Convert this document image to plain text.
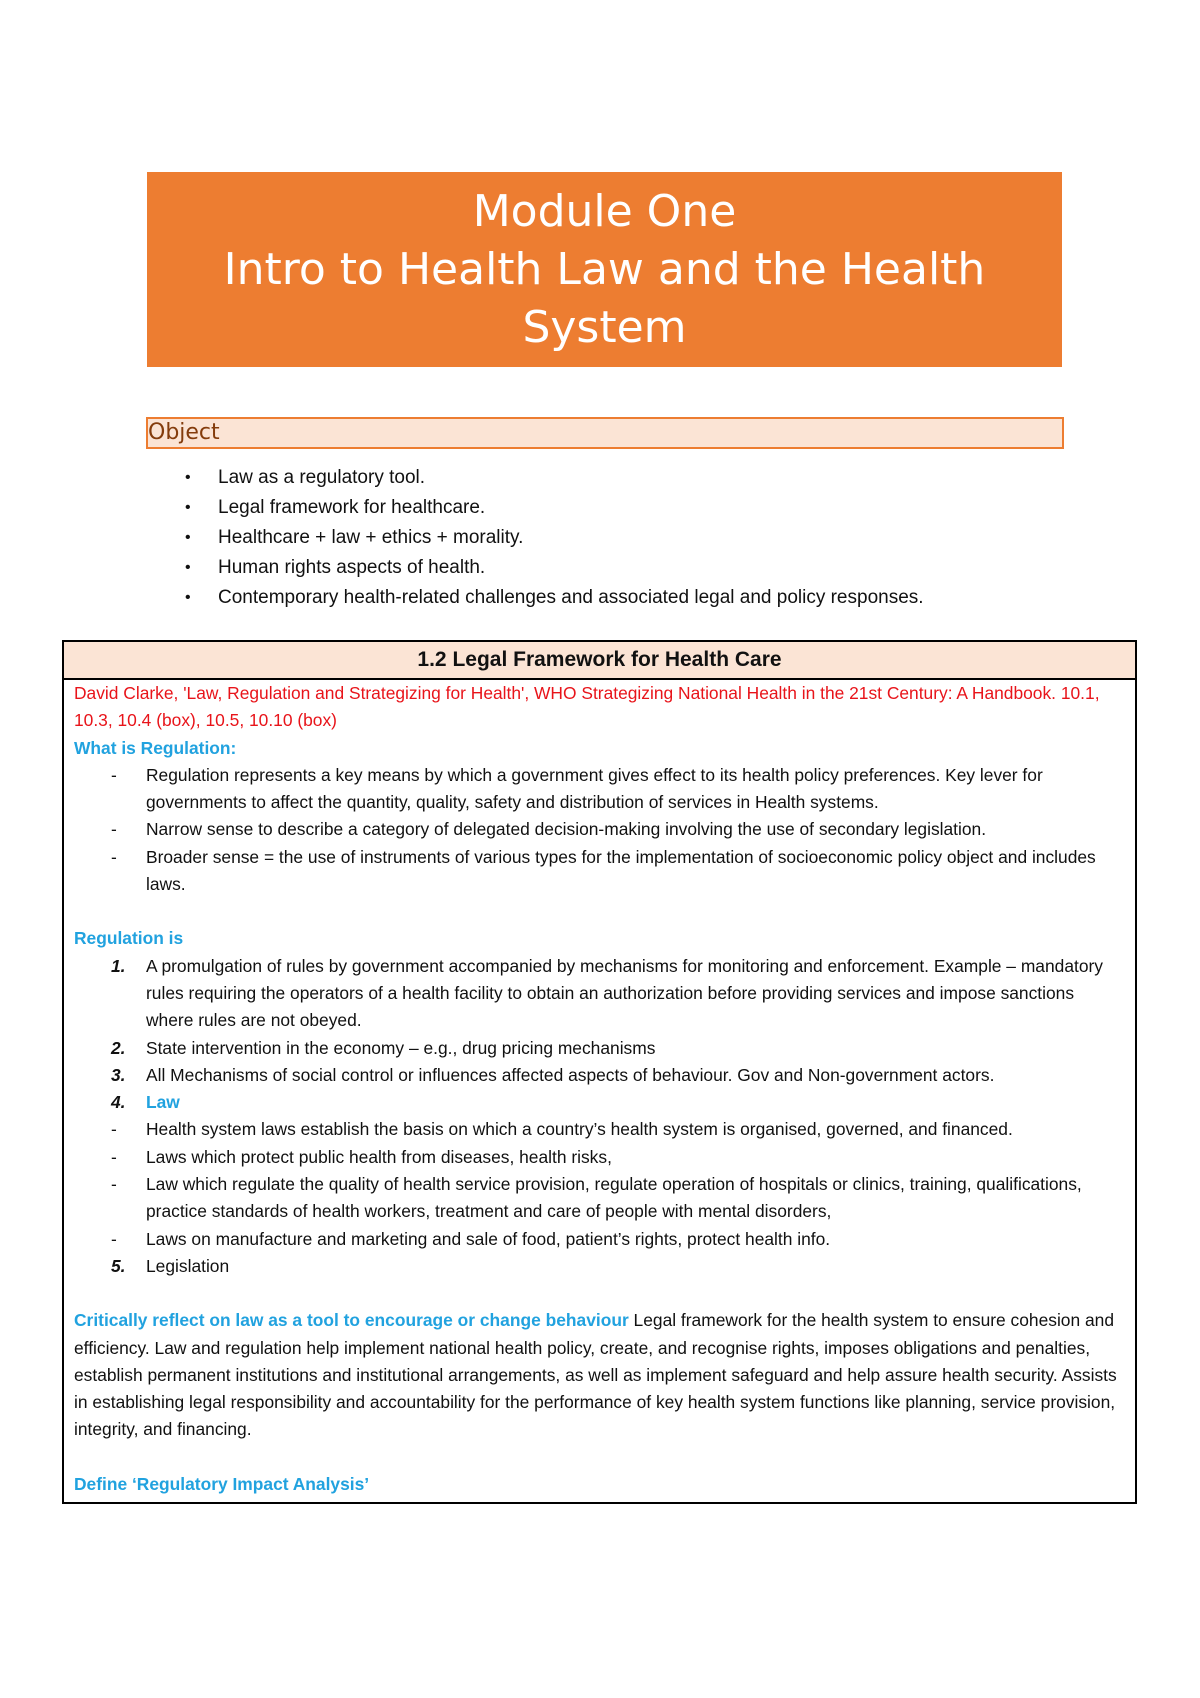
Module One
Intro to Health Law and the Health
System
Object
• Law as a regulatory tool.
• Legal framework for healthcare.
• Healthcare + law + ethics + morality.
• Human rights aspects of health.
• Contemporary health-related challenges and associated legal and policy responses.
1.2 Legal Framework for Health Care
David Clarke, 'Law, Regulation and Strategizing for Health', WHO Strategizing National Health in the 21st Century: A Handbook. 10.1, 10.3, 10.4 (box), 10.5, 10.10 (box)
What is Regulation:
-	Regulation represents a key means by which a government gives effect to its health policy preferences. Key lever for governments to affect the quantity, quality, safety and distribution of services in Health systems.
-	Narrow sense to describe a category of delegated decision-making involving the use of secondary legislation.
-	Broader sense = the use of instruments of various types for the implementation of socioeconomic policy object and includes laws.
Regulation is
1.	A promulgation of rules by government accompanied by mechanisms for monitoring and enforcement. Example – mandatory rules requiring the operators of a health facility to obtain an authorization before providing services and impose sanctions where rules are not obeyed.
2.	State intervention in the economy – e.g., drug pricing mechanisms
3.	All Mechanisms of social control or influences affected aspects of behaviour. Gov and Non-government actors.
4.	Law
-	Health system laws establish the basis on which a country’s health system is organised, governed, and financed.
-	Laws which protect public health from diseases, health risks,
-	Law which regulate the quality of health service provision, regulate operation of hospitals or clinics, training, qualifications, practice standards of health workers, treatment and care of people with mental disorders,
-	Laws on manufacture and marketing and sale of food, patient’s rights, protect health info.
5.	Legislation
Critically reflect on law as a tool to encourage or change behaviour Legal framework for the health system to ensure cohesion and efficiency. Law and regulation help implement national health policy, create, and recognise rights, imposes obligations and penalties, establish permanent institutions and institutional arrangements, as well as implement safeguard and help assure health security. Assists in establishing legal responsibility and accountability for the performance of key health system functions like planning, service provision, integrity, and financing.
Define ‘Regulatory Impact Analysis’
